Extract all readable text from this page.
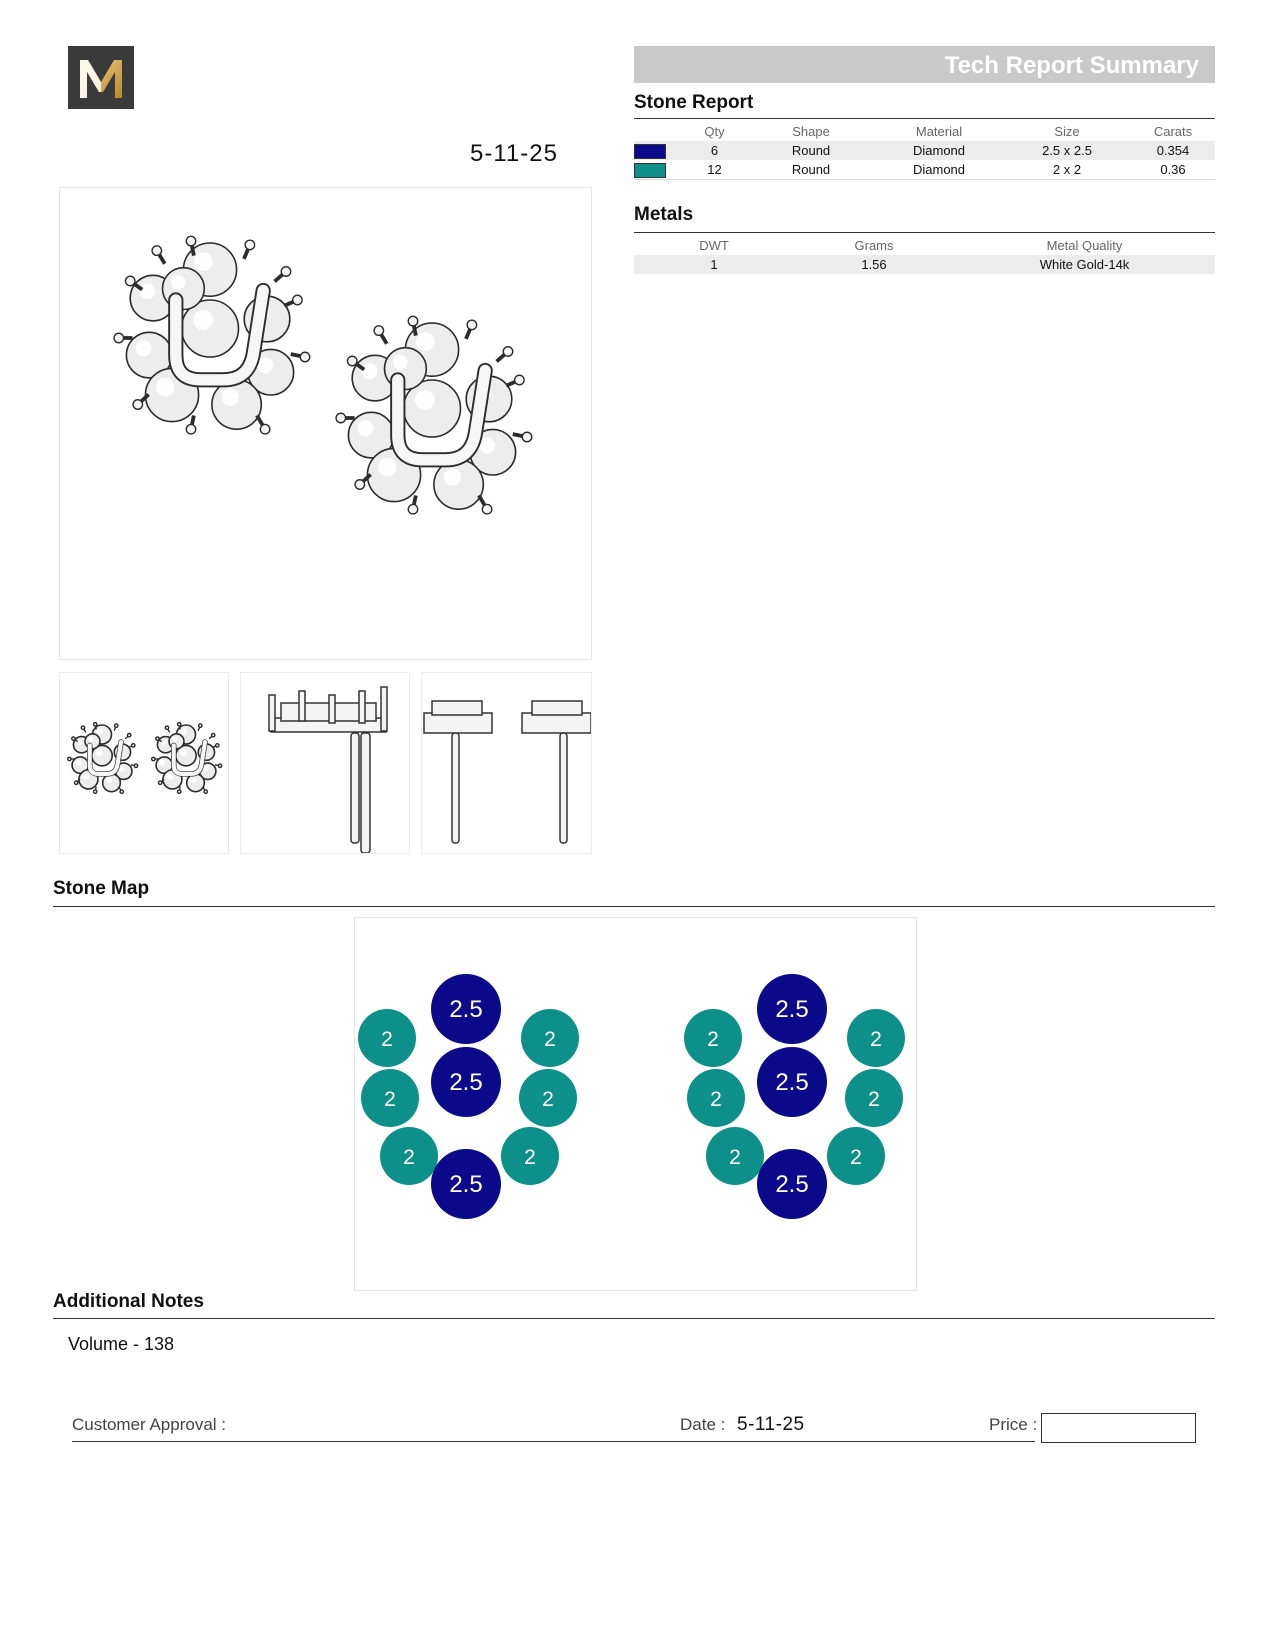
5-11-25
Tech Report Summary
Stone Report
	Qty	Shape	Material	Size	Carats
	6	Round	Diamond	2.5 x 2.5	0.354
	12	Round	Diamond	2 x 2	0.36
Metals
DWT	Grams	Metal Quality
1	1.56	White Gold-14k
Stone Map
2.5
2	2
2.5
2	2
2	2
2.5
2.5
2	2
2.5
2	2
2	2
2.5
Additional Notes
Volume - 138
Customer Approval :	Date : 5-11-25	Price :
